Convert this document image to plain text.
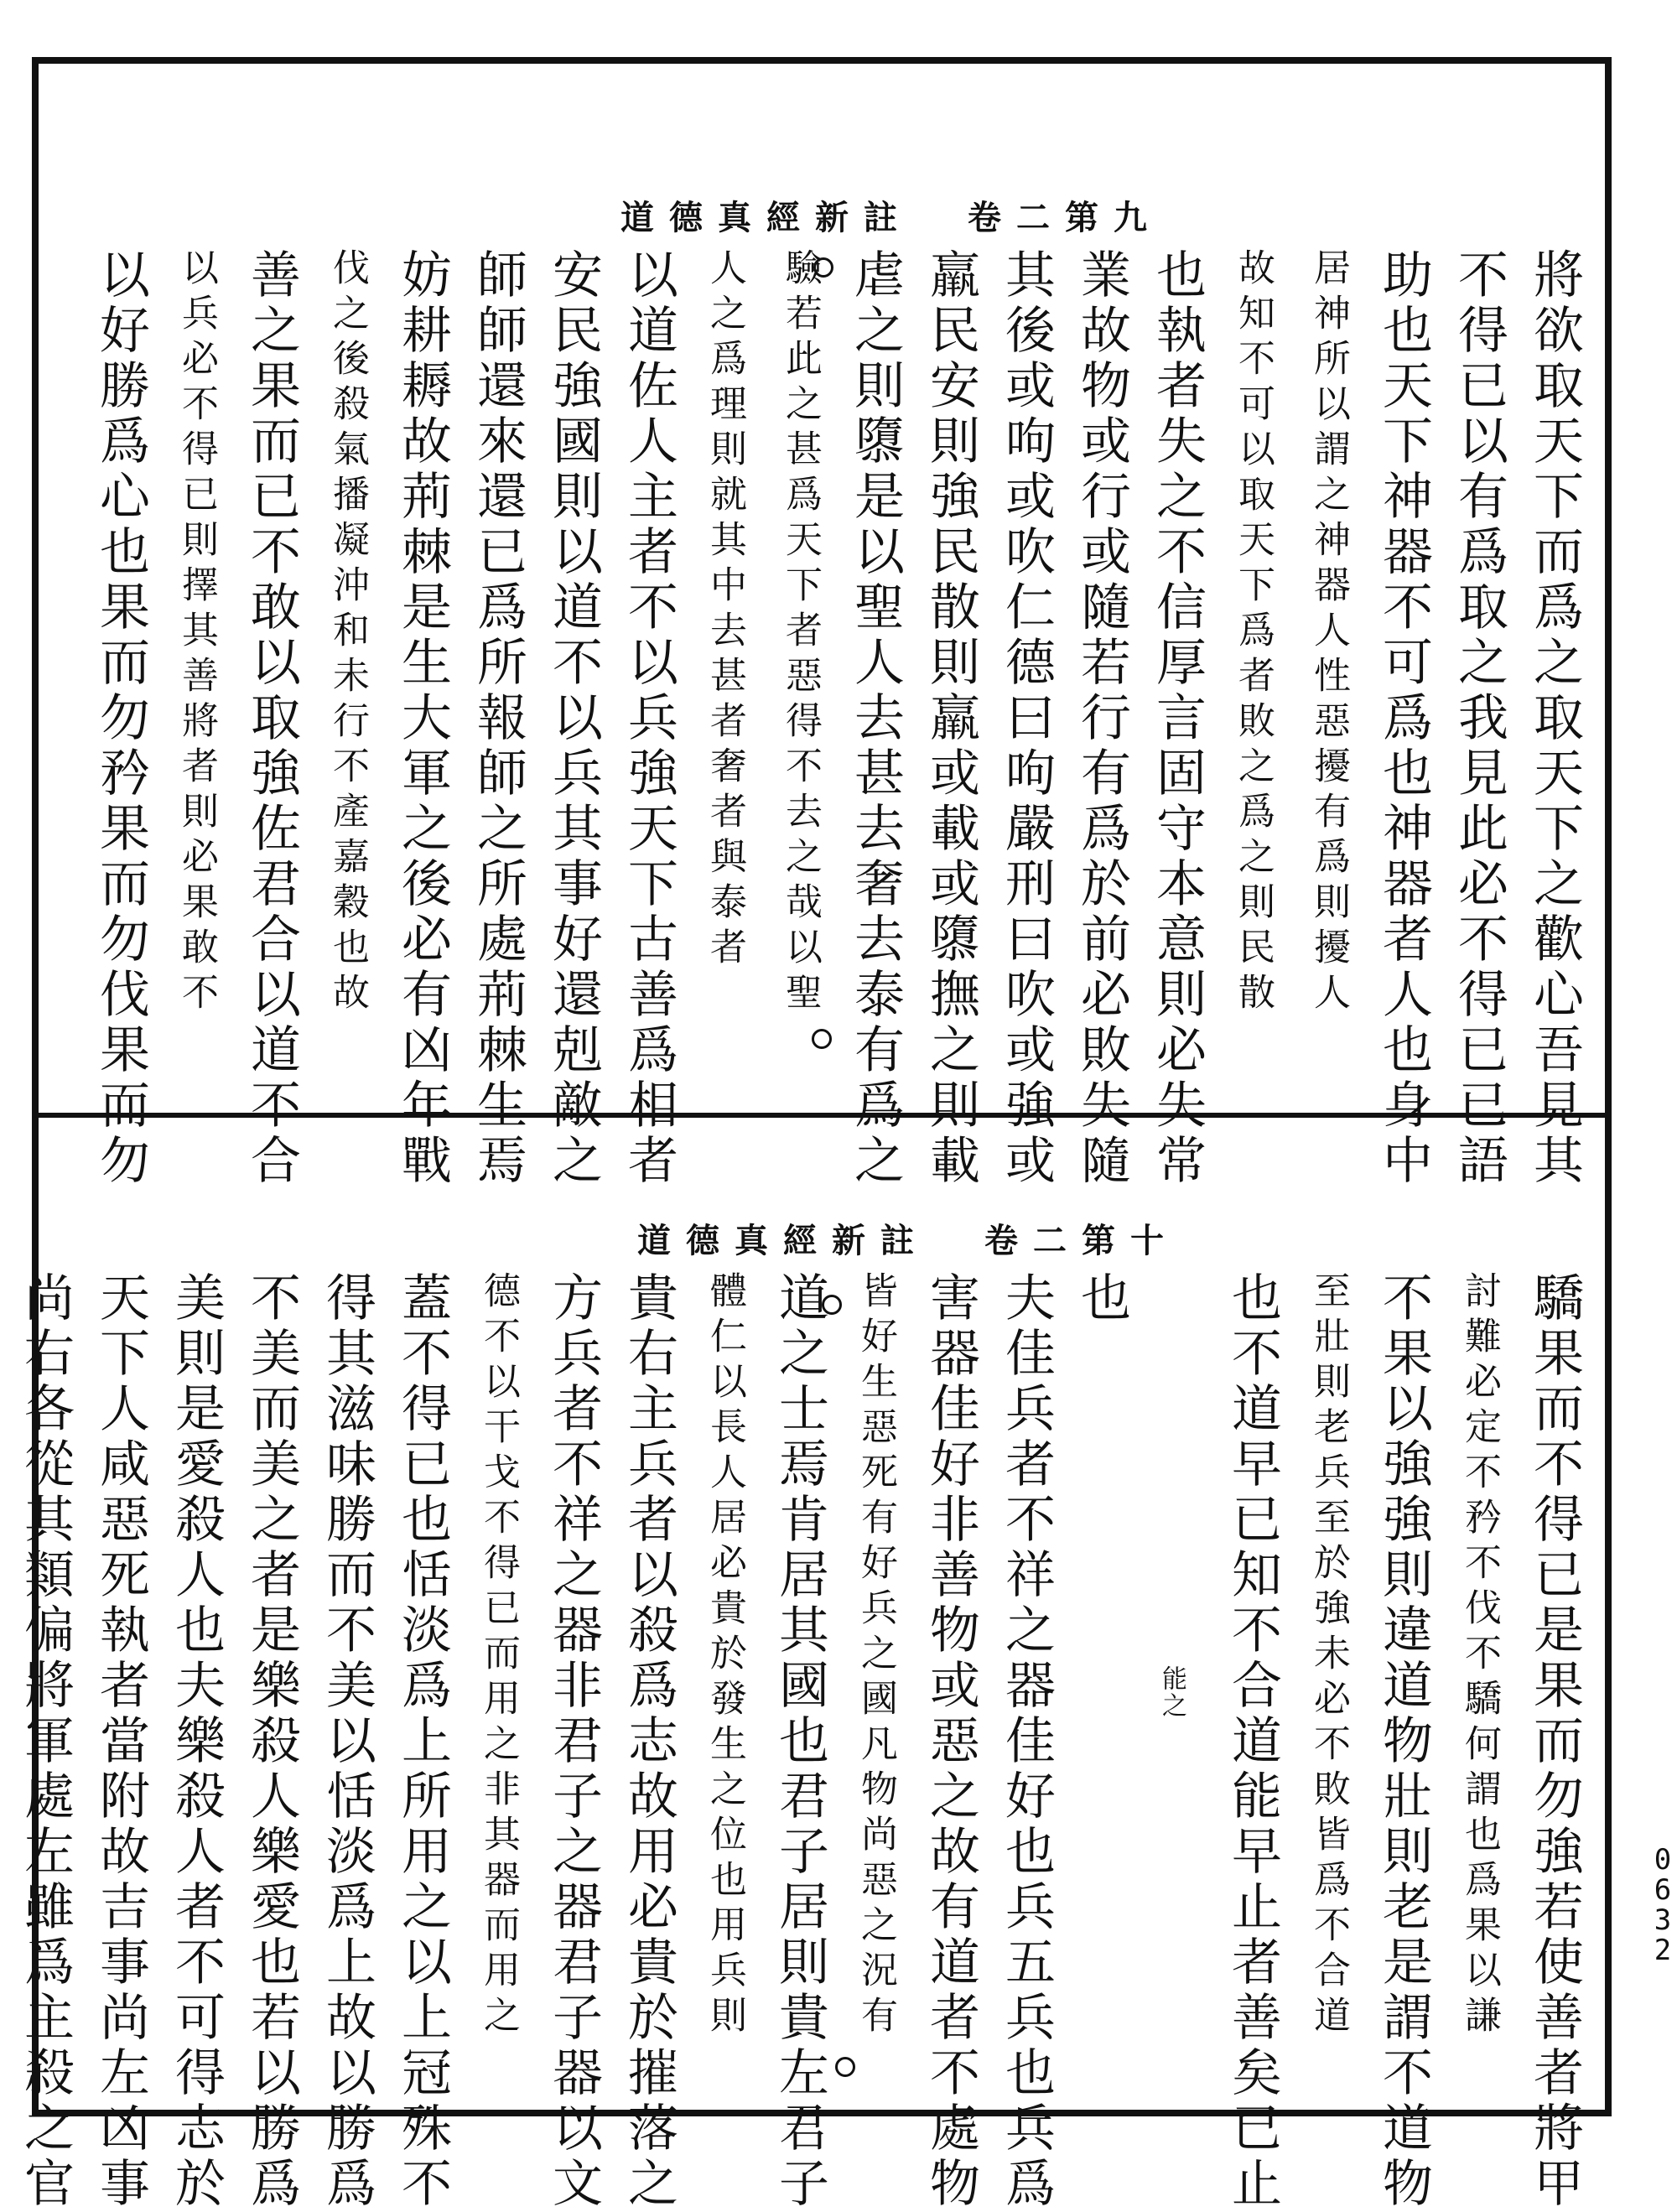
道德真經新註 卷二第九
道德真經新註 卷二第十
0
6
3
2
將欲取天下而爲之取天下之歡心吾見其
不得已以有爲取之我見此必不得已已語
助也天下神器不可爲也神器者人也身中
居神所以謂之神器人性惡擾有爲則擾人
故知不可以取天下爲者敗之爲之則民散
也執者失之不信厚言固守本意則必失常
業故物或行或隨若行有爲於前必敗失隨
其後或呴或吹仁德曰呴嚴刑曰吹或強或
羸民安則強民散則羸或載或隳撫之則載
虐之則隳是以聖人去甚去奢去泰有爲之
驗若此之甚爲天下者惡得不去之哉以聖
人之爲理則就其中去甚者奢者與泰者
以道佐人主者不以兵強天下古善爲相者
安民強國則以道不以兵其事好還剋敵之
師師還來還已爲所報師之所處荊棘生焉
妨耕耨故荊棘是生大軍之後必有凶年戰
伐之後殺氣播凝沖和未行不產嘉穀也故
善之果而已不敢以取強佐君合以道不合
以兵必不得已則擇其善將者則必果敢不
以好勝爲心也果而勿矜果而勿伐果而勿
驕果而不得已是果而勿強若使善者將甲
討難必定不矜不伐不驕何謂也爲果以謙
不果以強強則違道物壯則老是謂不道物
至壯則老兵至於強未必不敗皆爲不合道
也不道早已知不合道能早止者善矣已止
能之
也
夫佳兵者不祥之器佳好也兵五兵也兵爲
害器佳好非善物或惡之故有道者不處物
皆好生惡死有好兵之國凡物尚惡之況有
道之士焉肯居其國也君子居則貴左君子
體仁以長人居必貴於發生之位也用兵則
貴右主兵者以殺爲志故用必貴於摧落之
方兵者不祥之器非君子之器君子器以文
德不以干戈不得已而用之非其器而用之
蓋不得已也恬淡爲上所用之以上冠殊不
得其滋味勝而不美以恬淡爲上故以勝爲
不美而美之者是樂殺人樂愛也若以勝爲
美則是愛殺人也夫樂殺人者不可得志於
天下人咸惡死執者當附故吉事尚左凶事
尚右各從其類偏將軍處左雖爲主殺之官
